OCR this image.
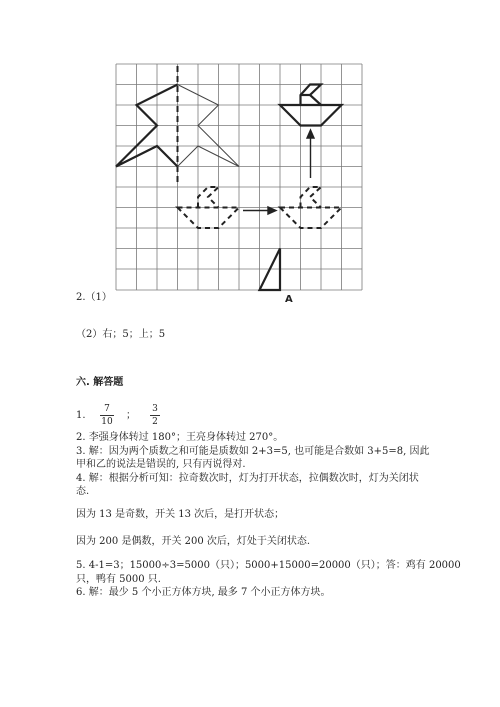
A
2.（1）
（2）右；5；上；5
六. 解答题
1.
7
10
；
3
2
2. 李强身体转过 180°；王亮身体转过 270°。
3. 解：因为两个质数之和可能是质数如 2+3=5, 也可能是合数如 3+5=8, 因此
甲和乙的说法是错误的, 只有丙说得对.
4. 解：根据分析可知：拉奇数次时，灯为打开状态，拉偶数次时，灯为关闭状
态.
因为 13 是奇数，开关 13 次后，是打开状态；
因为 200 是偶数，开关 200 次后，灯处于关闭状态.
5. 4-1=3；15000÷3=5000（只）；5000+15000=20000（只）；答：鸡有 20000
只，鸭有 5000 只.
6. 解：最少 5 个小正方体方块, 最多 7 个小正方体方块。
